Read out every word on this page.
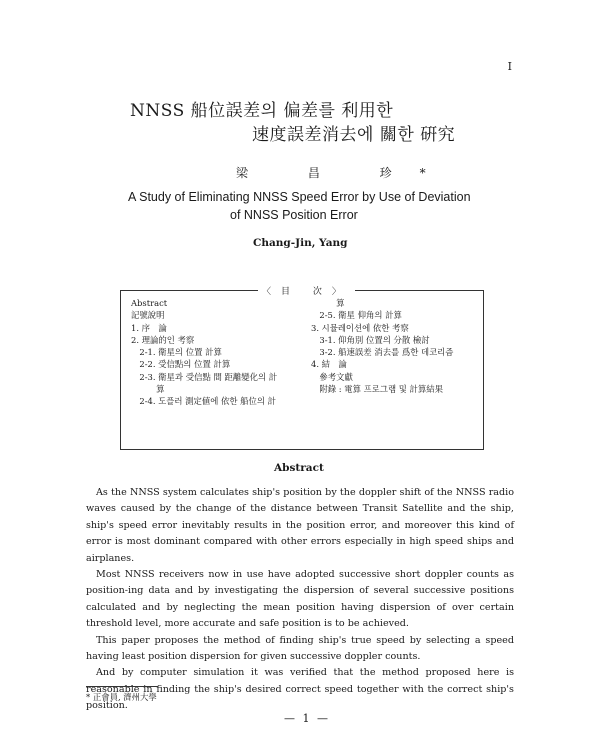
I
NNSS 船位誤差의 偏差를 利用한
速度誤差消去에 關한 硏究
梁 昌 珍*
A Study of Eliminating NNSS Speed Error by Use of Deviation
of NNSS Position Error
Chang-Jin, Yang
Abstract
記號說明
1. 序　論
2. 理論的인 考察
　2-1. 衛星의 位置 計算
　2-2. 受信點의 位置 計算
　2-3. 衛星과 受信點 間 距離變化의 計
　　　算
　2-4. 도플러 測定値에 依한 船位의 計
　　　算
　2-5. 衛星 仰角의 計算
3. 시뮬레이션에 依한 考察
　3-1. 仰角別 位置의 分散 檢討
　3-2. 船速誤差 消去를 爲한 데코리즘
4. 結　論
　參考文獻
　附錄 : 電算 프로그램 및 計算結果
〈目 次〉
Abstract

As the NNSS system calculates ship's position by the doppler shift of the NNSS radio waves caused by the change of the distance between Transit Satellite and the ship, ship's speed error inevitably results in the position error, and moreover this kind of error is most dominant compared with other errors especially in high speed ships and airplanes.

Most NNSS receivers now in use have adopted successive short doppler counts as position-ing data and by investigating the dispersion of several successive positions calculated and by neglecting the mean position having dispersion of over certain threshold level, more accurate and safe position is to be achieved.

This paper proposes the method of finding ship's true speed by selecting a speed having least position dispersion for given successive doppler counts.

And by computer simulation it was verified that the method proposed here is reasonable in finding the ship's desired correct speed together with the correct ship's position.

* 正會員, 濟州大學
— 1 —
